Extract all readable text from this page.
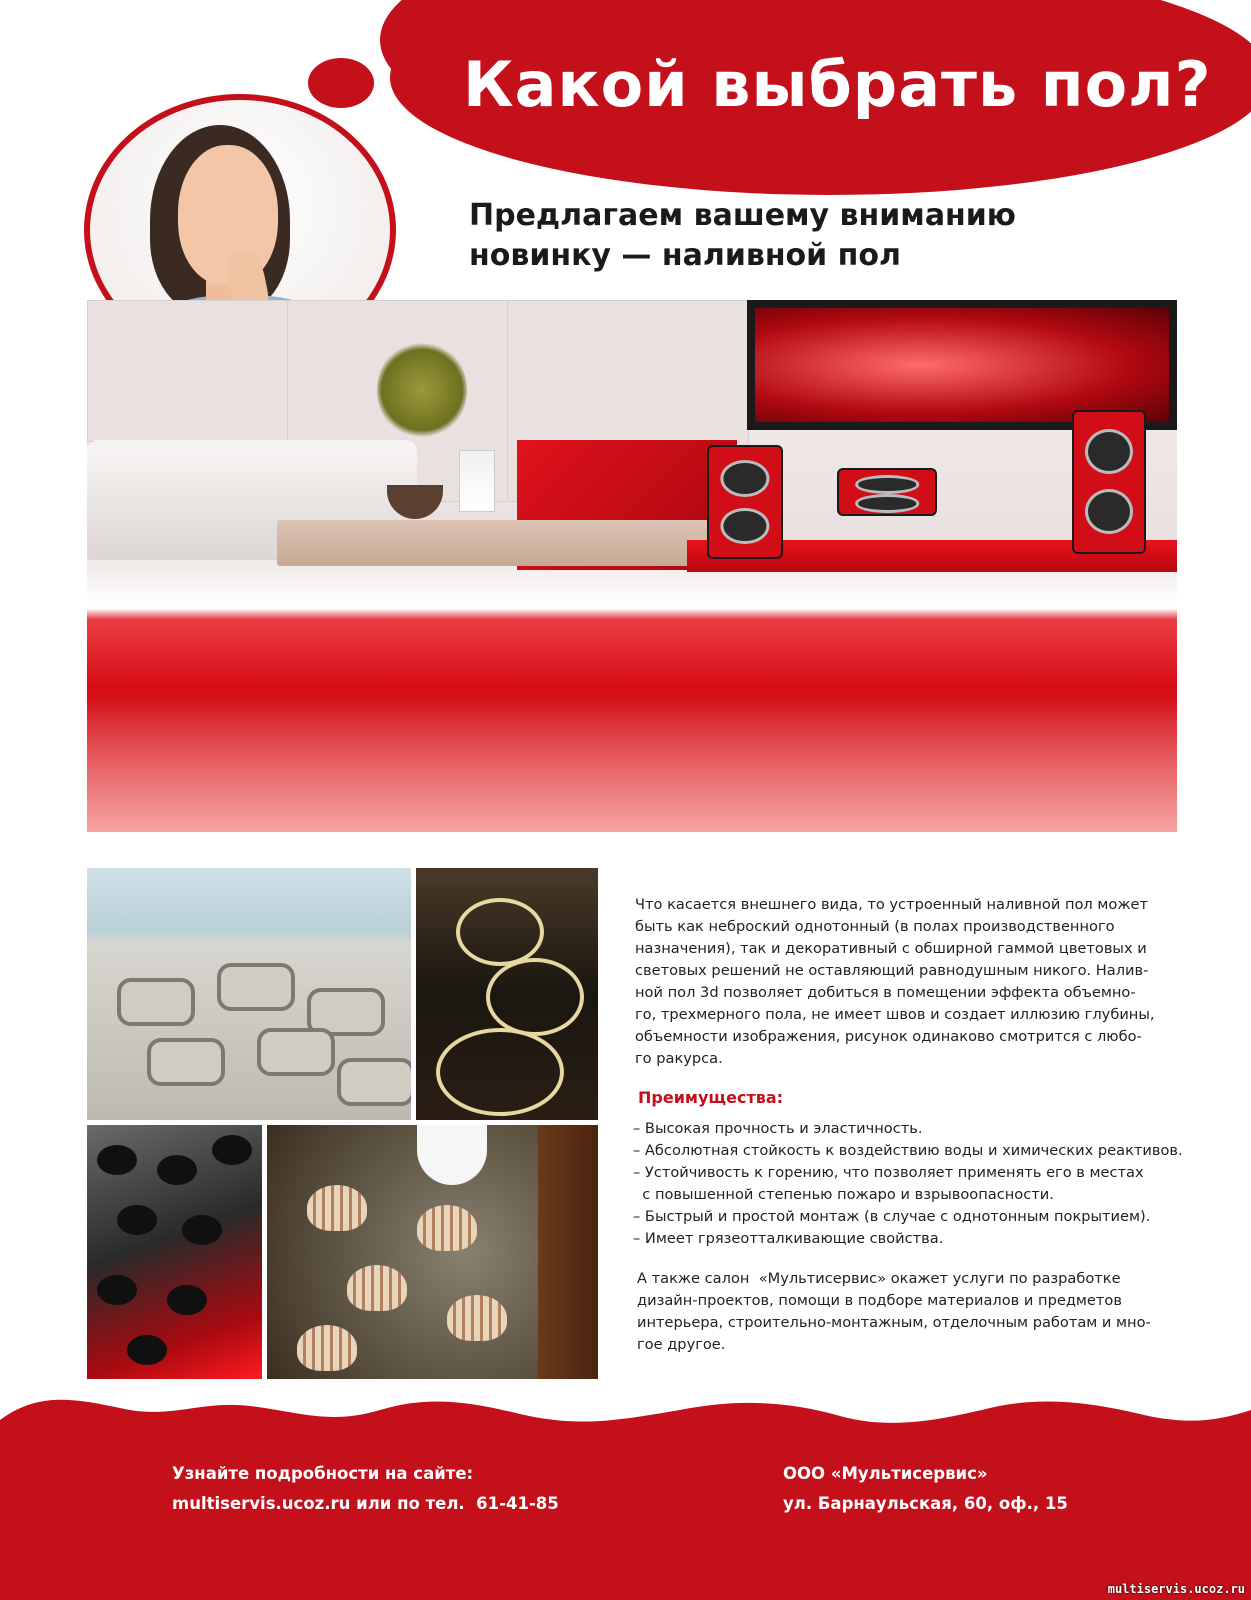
Какой выбрать пол?
Предлагаем вашему вниманию
новинку — наливной пол

Что касается внешнего вида, то устроенный наливной пол может
быть как неброский однотонный (в полах производственного
назначения), так и декоративный с обширной гаммой цветовых и
световых решений не оставляющий равнодушным никого. Налив-
ной пол 3d позволяет добиться в помещении эффекта объемно-
го, трехмерного пола, не имеет швов и создает иллюзию глубины,
объемности изображения, рисунок одинаково смотрится с любо-
го ракурса.

Преимущества:
– Высокая прочность и эластичность.
– Абсолютная стойкость к воздействию воды и химических реактивов.
– Устойчивость к горению, что позволяет применять его в местах
с повышенной степенью пожаро и взрывоопасности.
– Быстрый и простой монтаж (в случае с однотонным покрытием).
– Имеет грязеотталкивающие свойства.

А также салон  «Мультисервис» окажет услуги по разработке
дизайн-проектов, помощи в подборе материалов и предметов
интерьера, строительно-монтажным, отделочным работам и мно-
гое другое.

Узнайте подробности на сайте:
multiservis.ucoz.ru или по тел.  61-41-85

ООО «Мультисервис»
ул. Барнаульская, 60, оф., 15

multiservis.ucoz.ru
